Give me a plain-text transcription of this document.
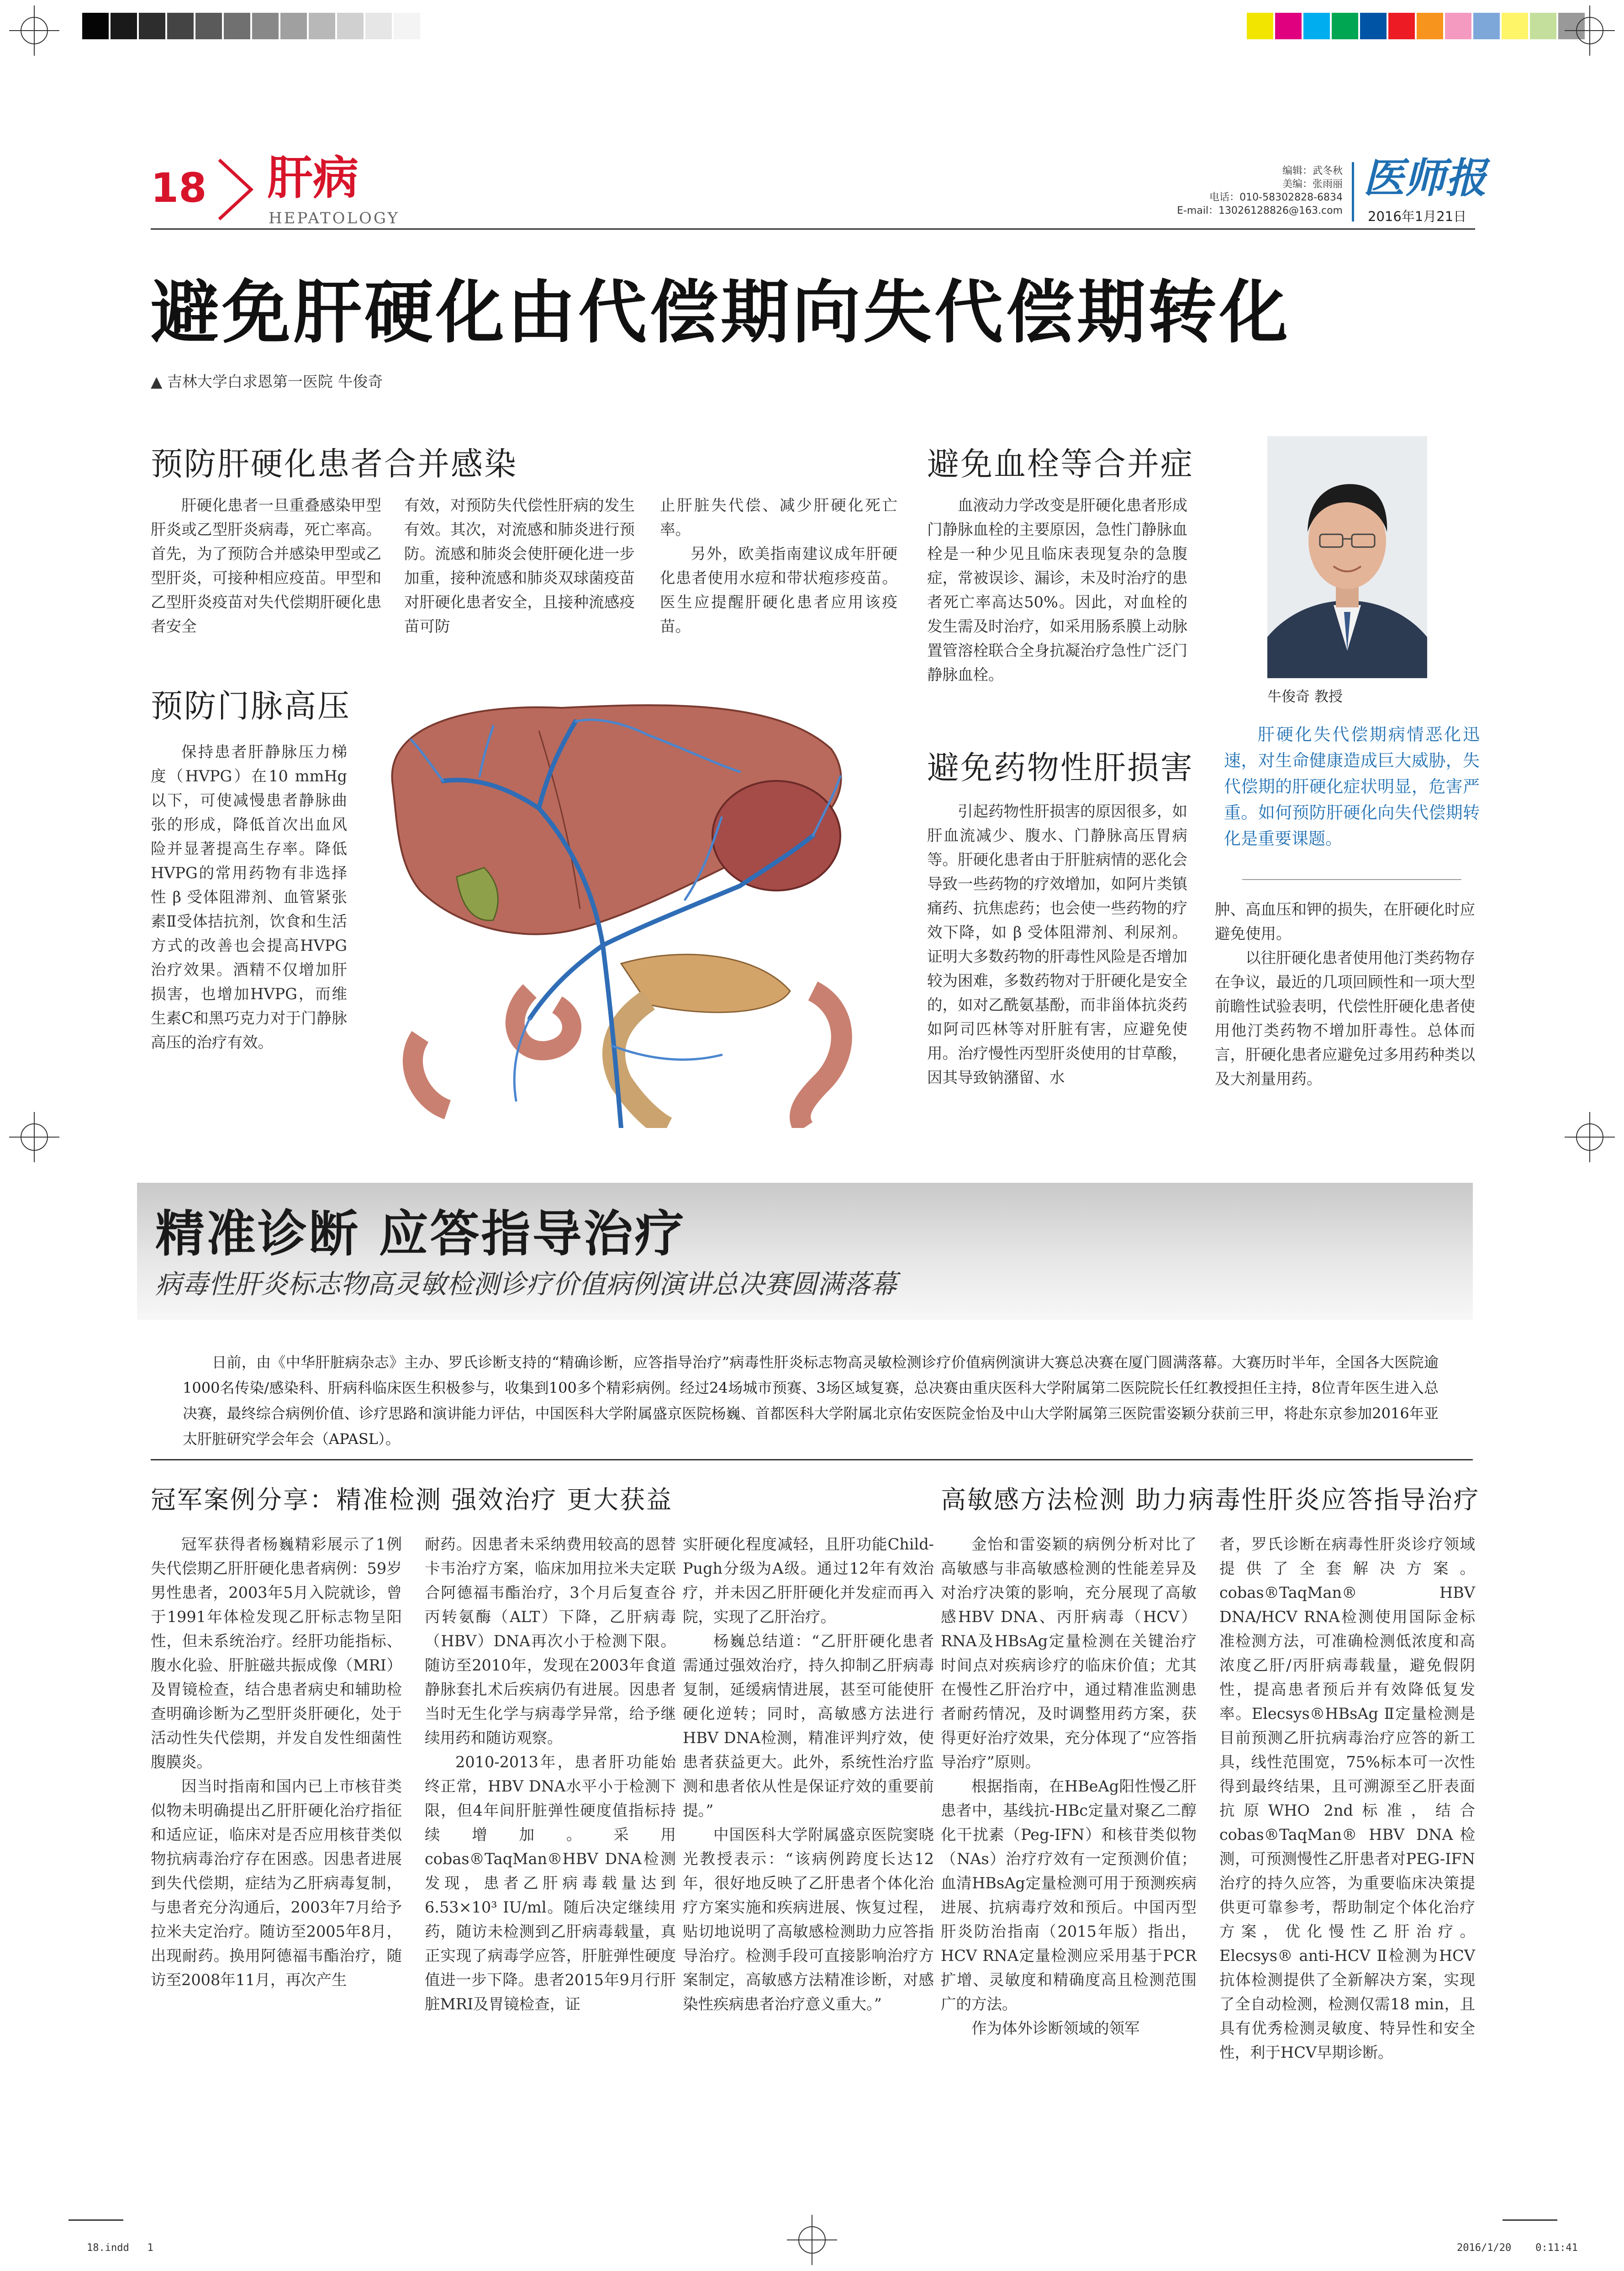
18 肝病
HEPATOLOGY
编辑：武冬秋
美编：张雨丽
电话：010-58302828-6834
E-mail：13026128826@163.com
医师报
2016年1月21日
避免肝硬化由代偿期向失代偿期转化
▲ 吉林大学白求恩第一医院 牛俊奇
预防肝硬化患者合并感染

肝硬化患者一旦重叠感染甲型肝炎或乙型肝炎病毒，死亡率高。首先，为了预防合并感染甲型或乙型肝炎，可接种相应疫苗。甲型和乙型肝炎疫苗对失代偿期肝硬化患者安全

有效，对预防失代偿性肝病的发生有效。其次，对流感和肺炎进行预防。流感和肺炎会使肝硬化进一步加重，接种流感和肺炎双球菌疫苗对肝硬化患者安全，且接种流感疫苗可防

止肝脏失代偿、减少肝硬化死亡率。

另外，欧美指南建议成年肝硬化患者使用水痘和带状疱疹疫苗。医生应提醒肝硬化患者应用该疫苗。

预防门脉高压

保持患者肝静脉压力梯度（HVPG）在10 mmHg以下，可使减慢患者静脉曲张的形成，降低首次出血风险并显著提高生存率。降低HVPG的常用药物有非选择性 β 受体阻滞剂、血管紧张素Ⅱ受体拮抗剂，饮食和生活方式的改善也会提高HVPG治疗效果。酒精不仅增加肝损害，也增加HVPG，而维生素C和黑巧克力对于门静脉高压的治疗有效。

避免血栓等合并症

血液动力学改变是肝硬化患者形成门静脉血栓的主要原因，急性门静脉血栓是一种少见且临床表现复杂的急腹症，常被误诊、漏诊，未及时治疗的患者死亡率高达50%。因此，对血栓的发生需及时治疗，如采用肠系膜上动脉置管溶栓联合全身抗凝治疗急性广泛门静脉血栓。

牛俊奇 教授

肝硬化失代偿期病情恶化迅速，对生命健康造成巨大威胁，失代偿期的肝硬化症状明显，危害严重。如何预防肝硬化向失代偿期转化是重要课题。

避免药物性肝损害

引起药物性肝损害的原因很多，如肝血流减少、腹水、门静脉高压胃病等。肝硬化患者由于肝脏病情的恶化会导致一些药物的疗效增加，如阿片类镇痛药、抗焦虑药；也会使一些药物的疗效下降，如 β 受体阻滞剂、利尿剂。证明大多数药物的肝毒性风险是否增加较为困难，多数药物对于肝硬化是安全的，如对乙酰氨基酚，而非甾体抗炎药如阿司匹林等对肝脏有害，应避免使用。治疗慢性丙型肝炎使用的甘草酸，因其导致钠潴留、水

肿、高血压和钾的损失，在肝硬化时应避免使用。

以往肝硬化患者使用他汀类药物存在争议，最近的几项回顾性和一项大型前瞻性试验表明，代偿性肝硬化患者使用他汀类药物不增加肝毒性。总体而言，肝硬化患者应避免过多用药种类以及大剂量用药。

精准诊断 应答指导治疗
病毒性肝炎标志物高灵敏检测诊疗价值病例演讲总决赛圆满落幕

日前，由《中华肝脏病杂志》主办、罗氏诊断支持的“精确诊断，应答指导治疗”病毒性肝炎标志物高灵敏检测诊疗价值病例演讲大赛总决赛在厦门圆满落幕。大赛历时半年，全国各大医院逾1000名传染/感染科、肝病科临床医生积极参与，收集到100多个精彩病例。经过24场城市预赛、3场区域复赛，总决赛由重庆医科大学附属第二医院院长任红教授担任主持，8位青年医生进入总决赛，最终综合病例价值、诊疗思路和演讲能力评估，中国医科大学附属盛京医院杨巍、首都医科大学附属北京佑安医院金怡及中山大学附属第三医院雷姿颖分获前三甲，将赴东京参加2016年亚太肝脏研究学会年会（APASL）。

冠军案例分享：精准检测 强效治疗 更大获益	高敏感方法检测 助力病毒性肝炎应答指导治疗

冠军获得者杨巍精彩展示了1例失代偿期乙肝肝硬化患者病例：59岁男性患者，2003年5月入院就诊，曾于1991年体检发现乙肝标志物呈阳性，但未系统治疗。经肝功能指标、腹水化验、肝脏磁共振成像（MRI）及胃镜检查，结合患者病史和辅助检查明确诊断为乙型肝炎肝硬化，处于活动性失代偿期，并发自发性细菌性腹膜炎。

因当时指南和国内已上市核苷类似物未明确提出乙肝肝硬化治疗指征和适应证，临床对是否应用核苷类似物抗病毒治疗存在困惑。因患者进展到失代偿期，症结为乙肝病毒复制，与患者充分沟通后，2003年7月给予拉米夫定治疗。随访至2005年8月，出现耐药。换用阿德福韦酯治疗，随访至2008年11月，再次产生

耐药。因患者未采纳费用较高的恩替卡韦治疗方案，临床加用拉米夫定联合阿德福韦酯治疗，3个月后复查谷丙转氨酶（ALT）下降，乙肝病毒（HBV）DNA再次小于检测下限。随访至2010年，发现在2003年食道静脉套扎术后疾病仍有进展。因患者当时无生化学与病毒学异常，给予继续用药和随访观察。

2010-2013年，患者肝功能始终正常，HBV DNA水平小于检测下限，但4年间肝脏弹性硬度值指标持续增加。采用cobas®TaqMan®HBV DNA检测发现，患者乙肝病毒载量达到6.53×10³ IU/ml。随后决定继续用药，随访未检测到乙肝病毒载量，真正实现了病毒学应答，肝脏弹性硬度值进一步下降。患者2015年9月行肝脏MRI及胃镜检查，证

实肝硬化程度减轻，且肝功能Child-Pugh分级为A级。通过12年有效治疗，并未因乙肝肝硬化并发症而再入院，实现了乙肝治疗。

杨巍总结道：“乙肝肝硬化患者需通过强效治疗，持久抑制乙肝病毒复制，延缓病情进展，甚至可能使肝硬化逆转；同时，高敏感方法进行HBV DNA检测，精准评判疗效，使患者获益更大。此外，系统性治疗监测和患者依从性是保证疗效的重要前提。”

中国医科大学附属盛京医院窦晓光教授表示：“该病例跨度长达12年，很好地反映了乙肝患者个体化治疗方案实施和疾病进展、恢复过程，贴切地说明了高敏感检测助力应答指导治疗。检测手段可直接影响治疗方案制定，高敏感方法精准诊断，对感染性疾病患者治疗意义重大。”

金怡和雷姿颖的病例分析对比了高敏感与非高敏感检测的性能差异及对治疗决策的影响，充分展现了高敏感HBV DNA、丙肝病毒（HCV）RNA及HBsAg定量检测在关键治疗时间点对疾病诊疗的临床价值；尤其在慢性乙肝治疗中，通过精准监测患者耐药情况，及时调整用药方案，获得更好治疗效果，充分体现了“应答指导治疗”原则。

根据指南，在HBeAg阳性慢乙肝患者中，基线抗-HBc定量对聚乙二醇化干扰素（Peg-IFN）和核苷类似物（NAs）治疗疗效有一定预测价值；血清HBsAg定量检测可用于预测疾病进展、抗病毒疗效和预后。中国丙型肝炎防治指南（2015年版）指出，HCV RNA定量检测应采用基于PCR扩增、灵敏度和精确度高且检测范围广的方法。

作为体外诊断领域的领军

者，罗氏诊断在病毒性肝炎诊疗领域提供了全套解决方案。cobas®TaqMan® HBV DNA/HCV RNA检测使用国际金标准检测方法，可准确检测低浓度和高浓度乙肝/丙肝病毒载量，避免假阴性，提高患者预后并有效降低复发率。Elecsys®HBsAg Ⅱ定量检测是目前预测乙肝抗病毒治疗应答的新工具，线性范围宽，75%标本可一次性得到最终结果，且可溯源至乙肝表面抗原WHO 2nd标准，结合cobas®TaqMan® HBV DNA检测，可预测慢性乙肝患者对PEG-IFN治疗的持久应答，为重要临床决策提供更可靠参考，帮助制定个体化治疗方案，优化慢性乙肝治疗。Elecsys® anti-HCV Ⅱ检测为HCV抗体检测提供了全新解决方案，实现了全自动检测，检测仅需18 min，且具有优秀检测灵敏度、特异性和安全性，利于HCV早期诊断。

18.indd   1	2016/1/20    0:11:41
